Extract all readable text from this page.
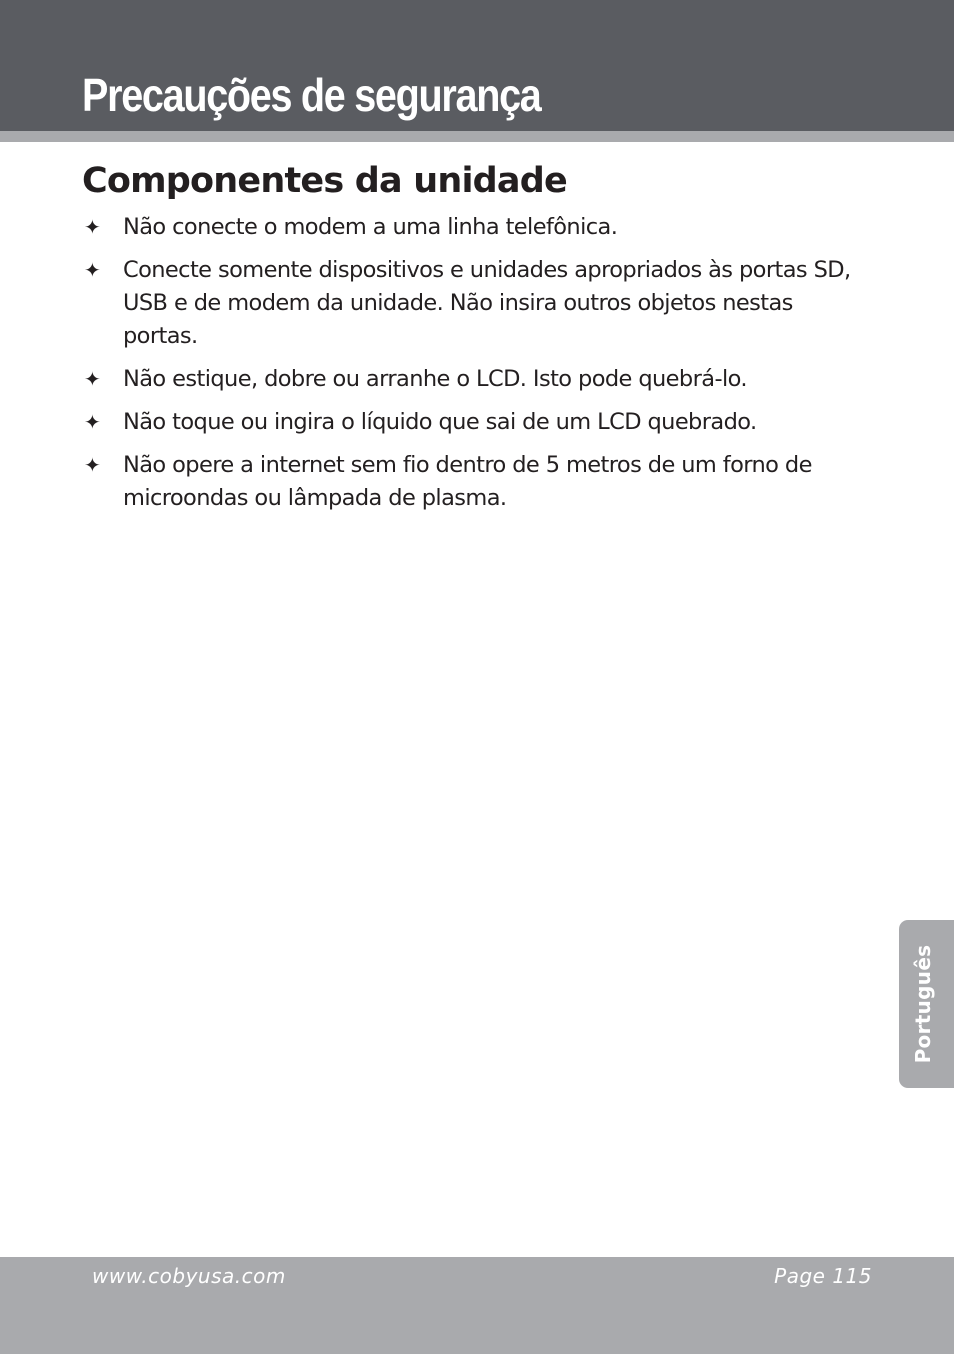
Precauções de segurança
Componentes da unidade
✦ Não conecte o modem a uma linha telefônica.
✦ Conecte somente dispositivos e unidades apropriados às portas SD, USB e de modem da unidade. Não insira outros objetos nestas portas.
✦ Não estique, dobre ou arranhe o LCD. Isto pode quebrá-lo.
✦ Não toque ou ingira o líquido que sai de um LCD quebrado.
✦ Não opere a internet sem fio dentro de 5 metros de um forno de microondas ou lâmpada de plasma.
Português
www.cobyusa.com	Page 115
